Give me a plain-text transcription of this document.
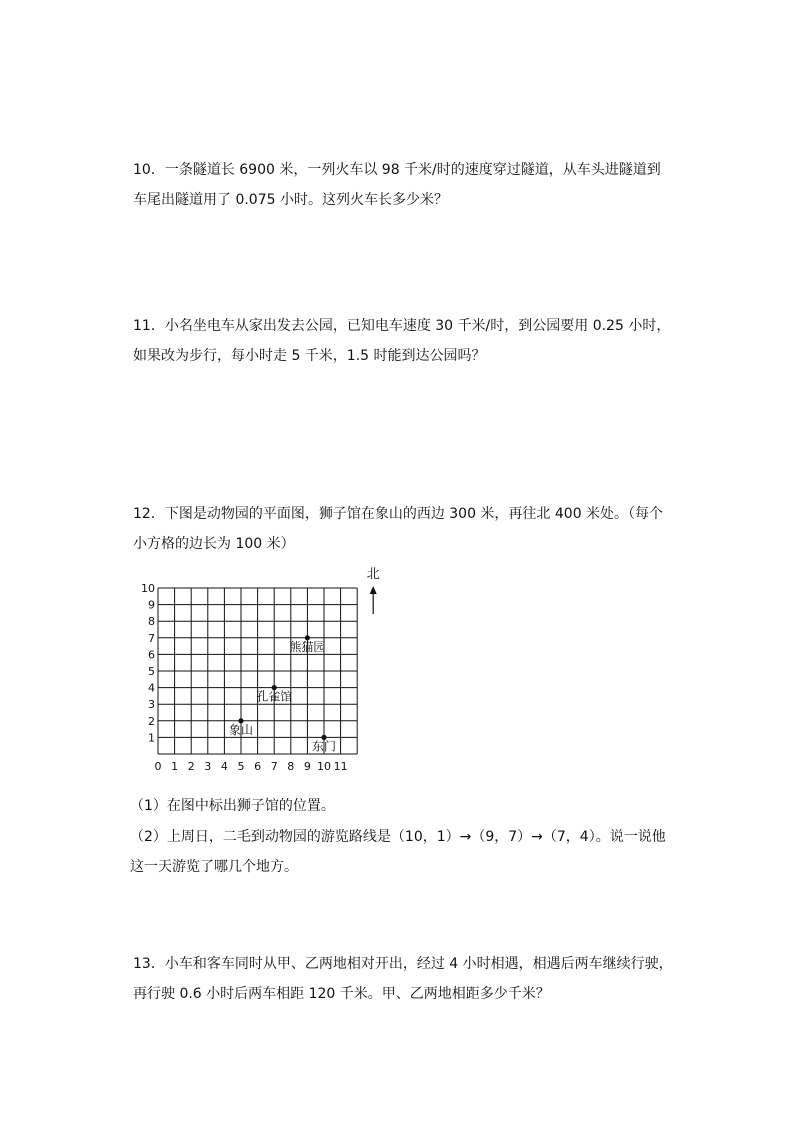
10．一条隧道长 6900 米，一列火车以 98 千米/时的速度穿过隧道，从车头进隧道到车尾出隧道用了 0.075 小时。这列火车长多少米？

11．小名坐电车从家出发去公园，已知电车速度 30 千米/时，到公园要用 0.25 小时，如果改为步行，每小时走 5 千米，1.5 时能到达公园吗？

12．下图是动物园的平面图，狮子馆在象山的西边 300 米，再往北 400 米处。（每个小方格的边长为 100 米）

0 1 2 3 4 5 6 7 8 9 10 11
1
2
3
4
5
6
7
8
9
10
熊猫园
孔雀馆
象山
东门
北

（1）在图中标出狮子馆的位置。

（2）上周日，二毛到动物园的游览路线是（10，1）→（9，7）→（7，4）。说一说他这一天游览了哪几个地方。

13．小车和客车同时从甲、乙两地相对开出，经过 4 小时相遇，相遇后两车继续行驶，再行驶 0.6 小时后两车相距 120 千米。甲、乙两地相距多少千米？
